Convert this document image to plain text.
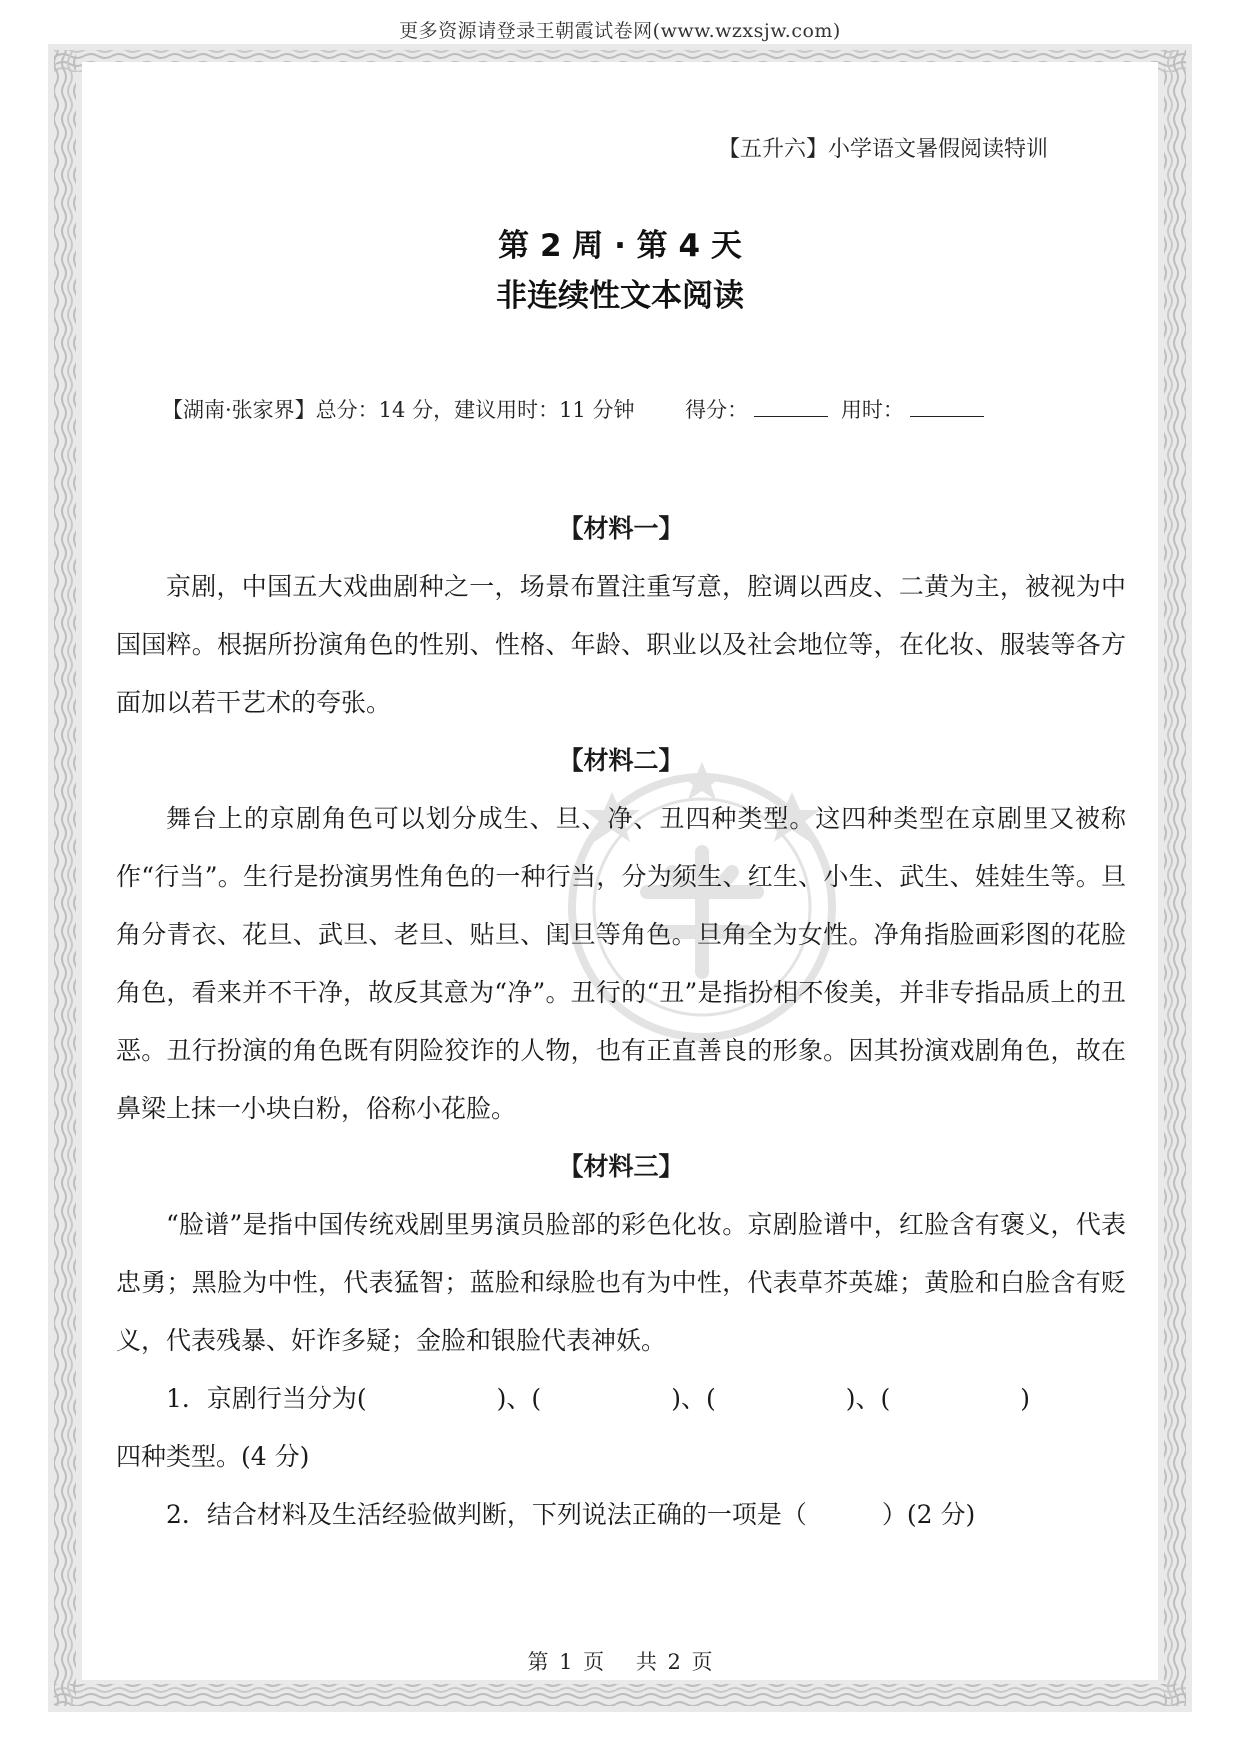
更多资源请登录王朝霞试卷网(www.wzxsjw.com)
【五升六】小学语文暑假阅读特训
第 2 周 · 第 4 天
非连续性文本阅读
【湖南·张家界】总分：14 分，建议用时：11 分钟 得分：	用时：
【材料一】

京剧，中国五大戏曲剧种之一，场景布置注重写意，腔调以西皮、二黄为主，被视为中国国粹。根据所扮演角色的性别、性格、年龄、职业以及社会地位等，在化妆、服装等各方面加以若干艺术的夸张。

【材料二】

舞台上的京剧角色可以划分成生、旦、净、丑四种类型。这四种类型在京剧里又被称作“行当”。生行是扮演男性角色的一种行当，分为须生、红生、小生、武生、娃娃生等。旦角分青衣、花旦、武旦、老旦、贴旦、闺旦等角色。旦角全为女性。净角指脸画彩图的花脸角色，看来并不干净，故反其意为“净”。丑行的“丑”是指扮相不俊美，并非专指品质上的丑恶。丑行扮演的角色既有阴险狡诈的人物，也有正直善良的形象。因其扮演戏剧角色，故在鼻梁上抹一小块白粉，俗称小花脸。

【材料三】

“脸谱”是指中国传统戏剧里男演员脸部的彩色化妆。京剧脸谱中，红脸含有褒义，代表忠勇；黑脸为中性，代表猛智；蓝脸和绿脸也有为中性，代表草芥英雄；黄脸和白脸含有贬义，代表残暴、奸诈多疑；金脸和银脸代表神妖。

1．京剧行当分为(	)、(	)、(	)、(	)

四种类型。(4 分)

2．结合材料及生活经验做判断，下列说法正确的一项是（　　　）(2 分)

第 1 页　 共 2 页
